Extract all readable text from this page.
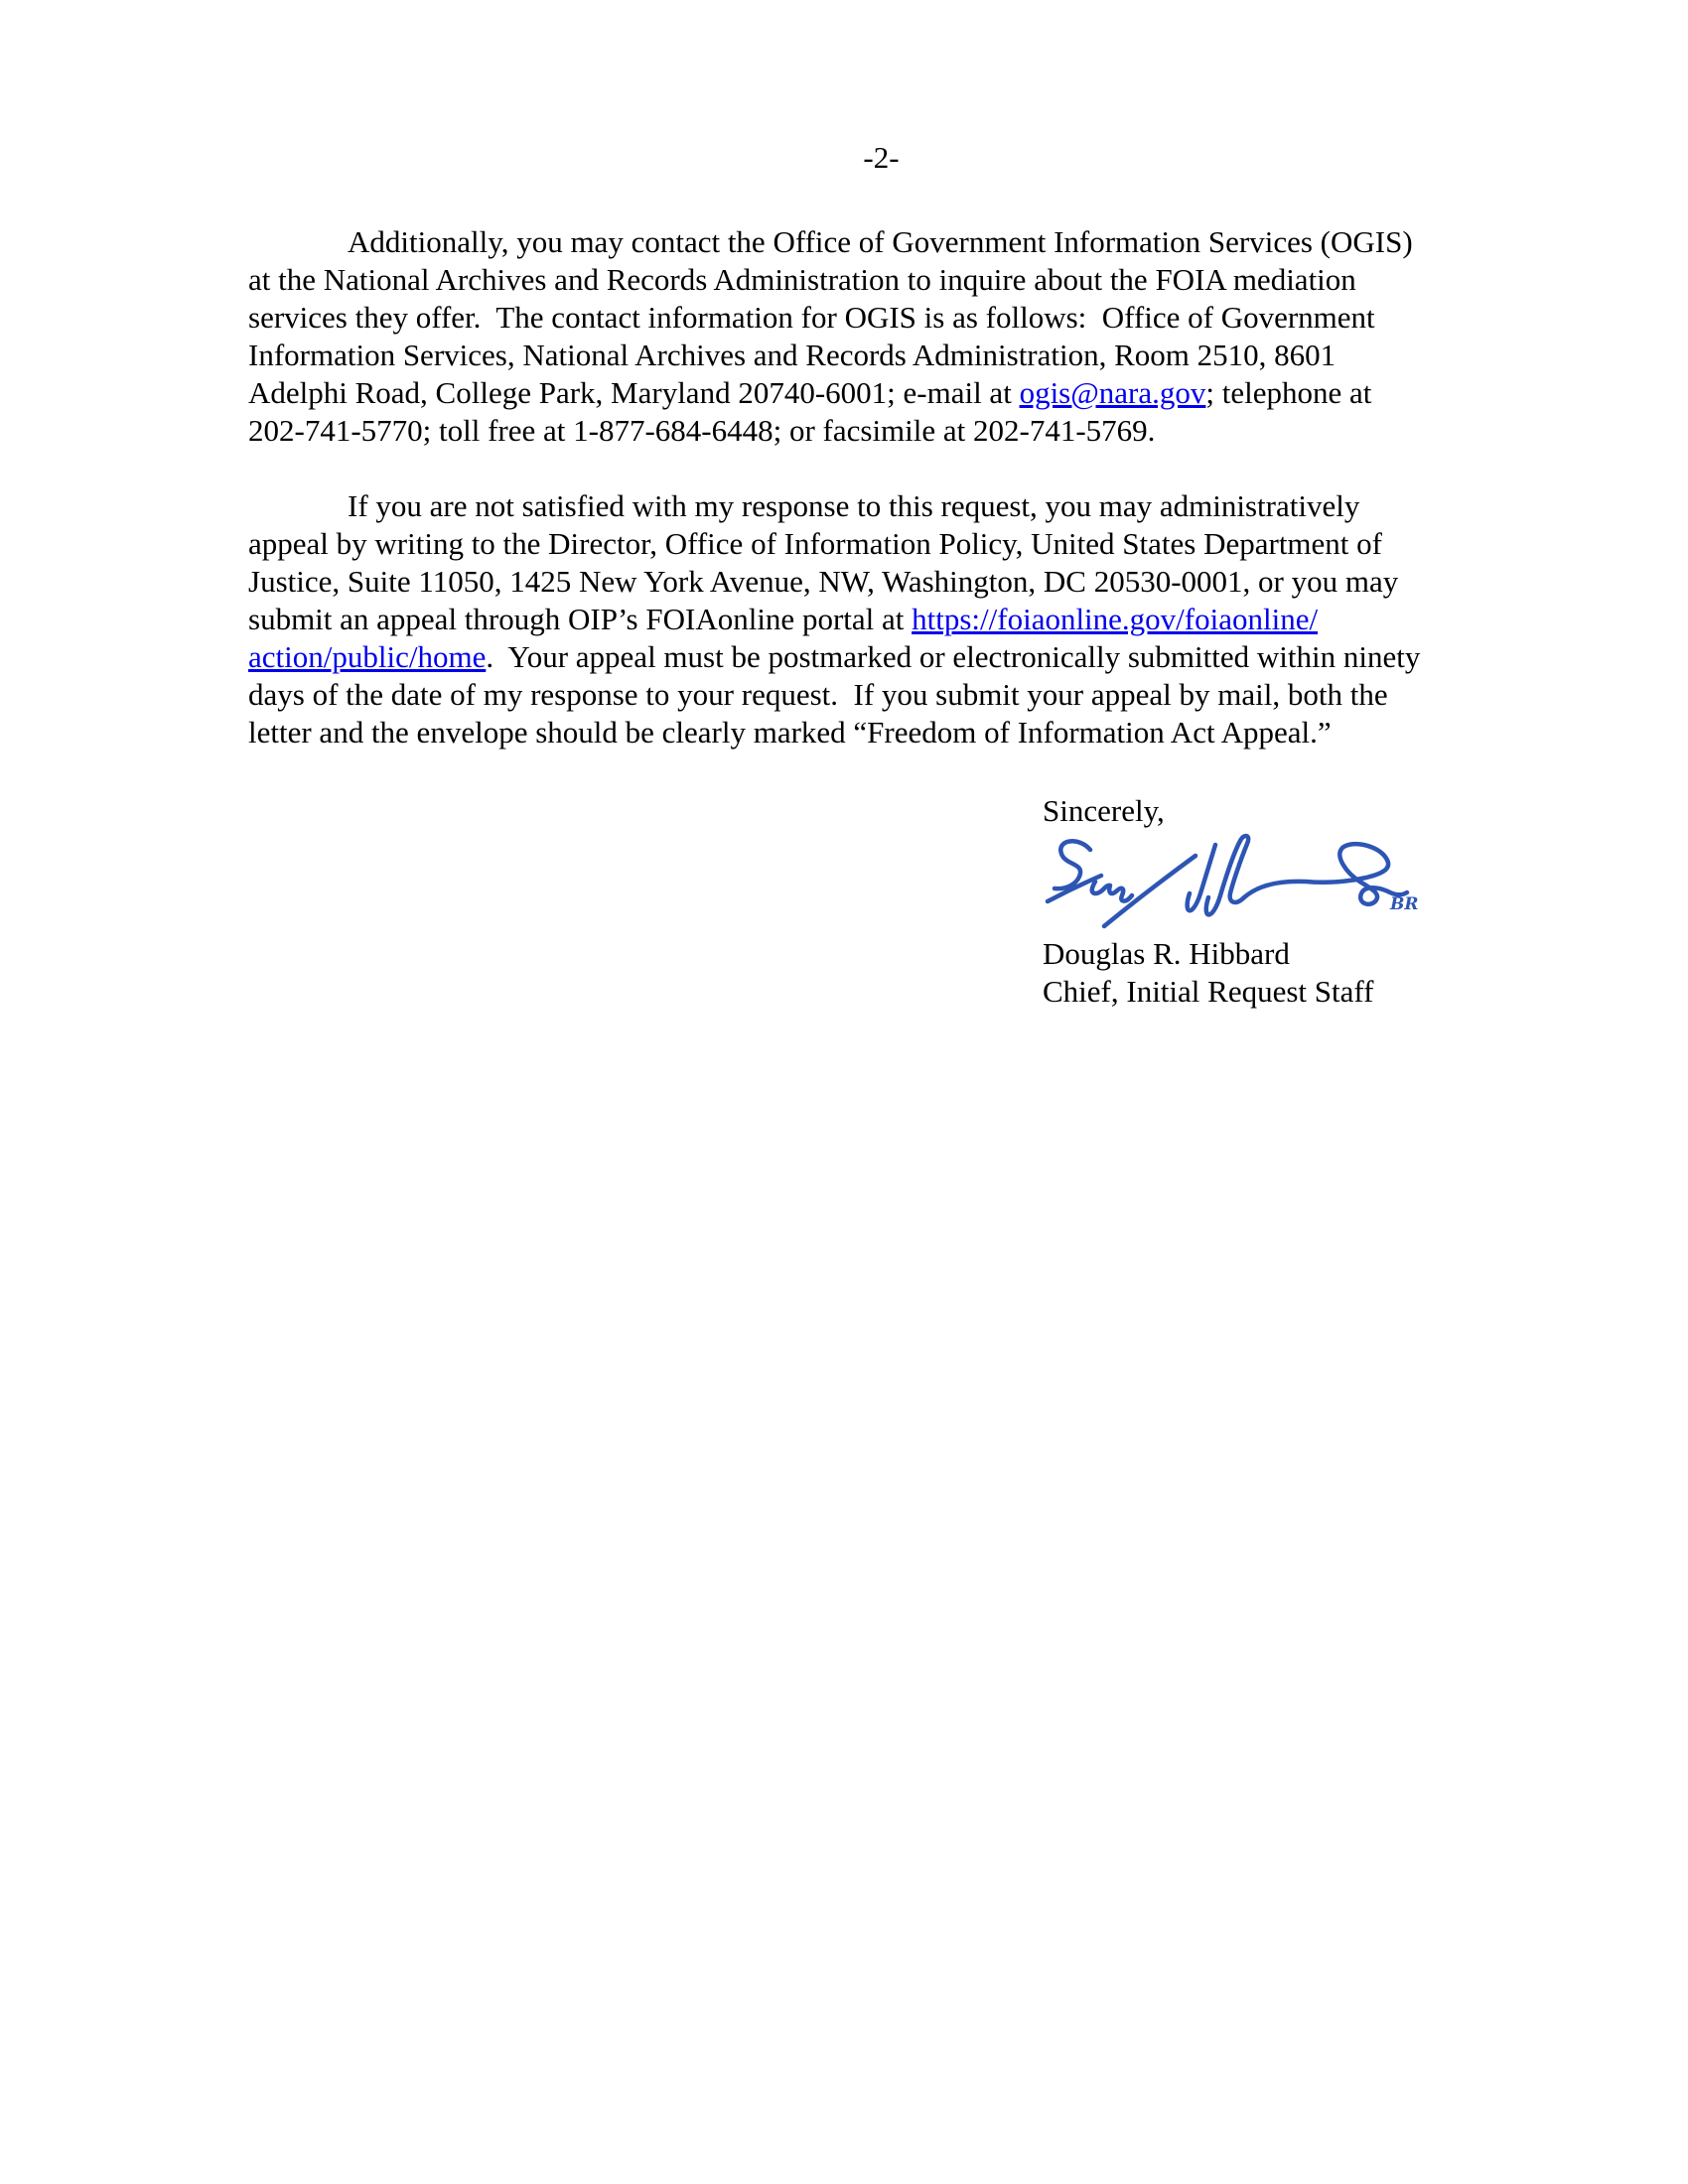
-2-
Additionally, you may contact the Office of Government Information Services (OGIS)
at the National Archives and Records Administration to inquire about the FOIA mediation
services they offer.  The contact information for OGIS is as follows:  Office of Government
Information Services, National Archives and Records Administration, Room 2510, 8601
Adelphi Road, College Park, Maryland 20740-6001; e-mail at ogis@nara.gov; telephone at
202-741-5770; toll free at 1-877-684-6448; or facsimile at 202-741-5769.
If you are not satisfied with my response to this request, you may administratively
appeal by writing to the Director, Office of Information Policy, United States Department of
Justice, Suite 11050, 1425 New York Avenue, NW, Washington, DC 20530-0001, or you may
submit an appeal through OIP’s FOIAonline portal at https://foiaonline.gov/foiaonline/
action/public/home.  Your appeal must be postmarked or electronically submitted within ninety
days of the date of my response to your request.  If you submit your appeal by mail, both the
letter and the envelope should be clearly marked “Freedom of Information Act Appeal.”
Sincerely,
BR
Douglas R. Hibbard
Chief, Initial Request Staff
